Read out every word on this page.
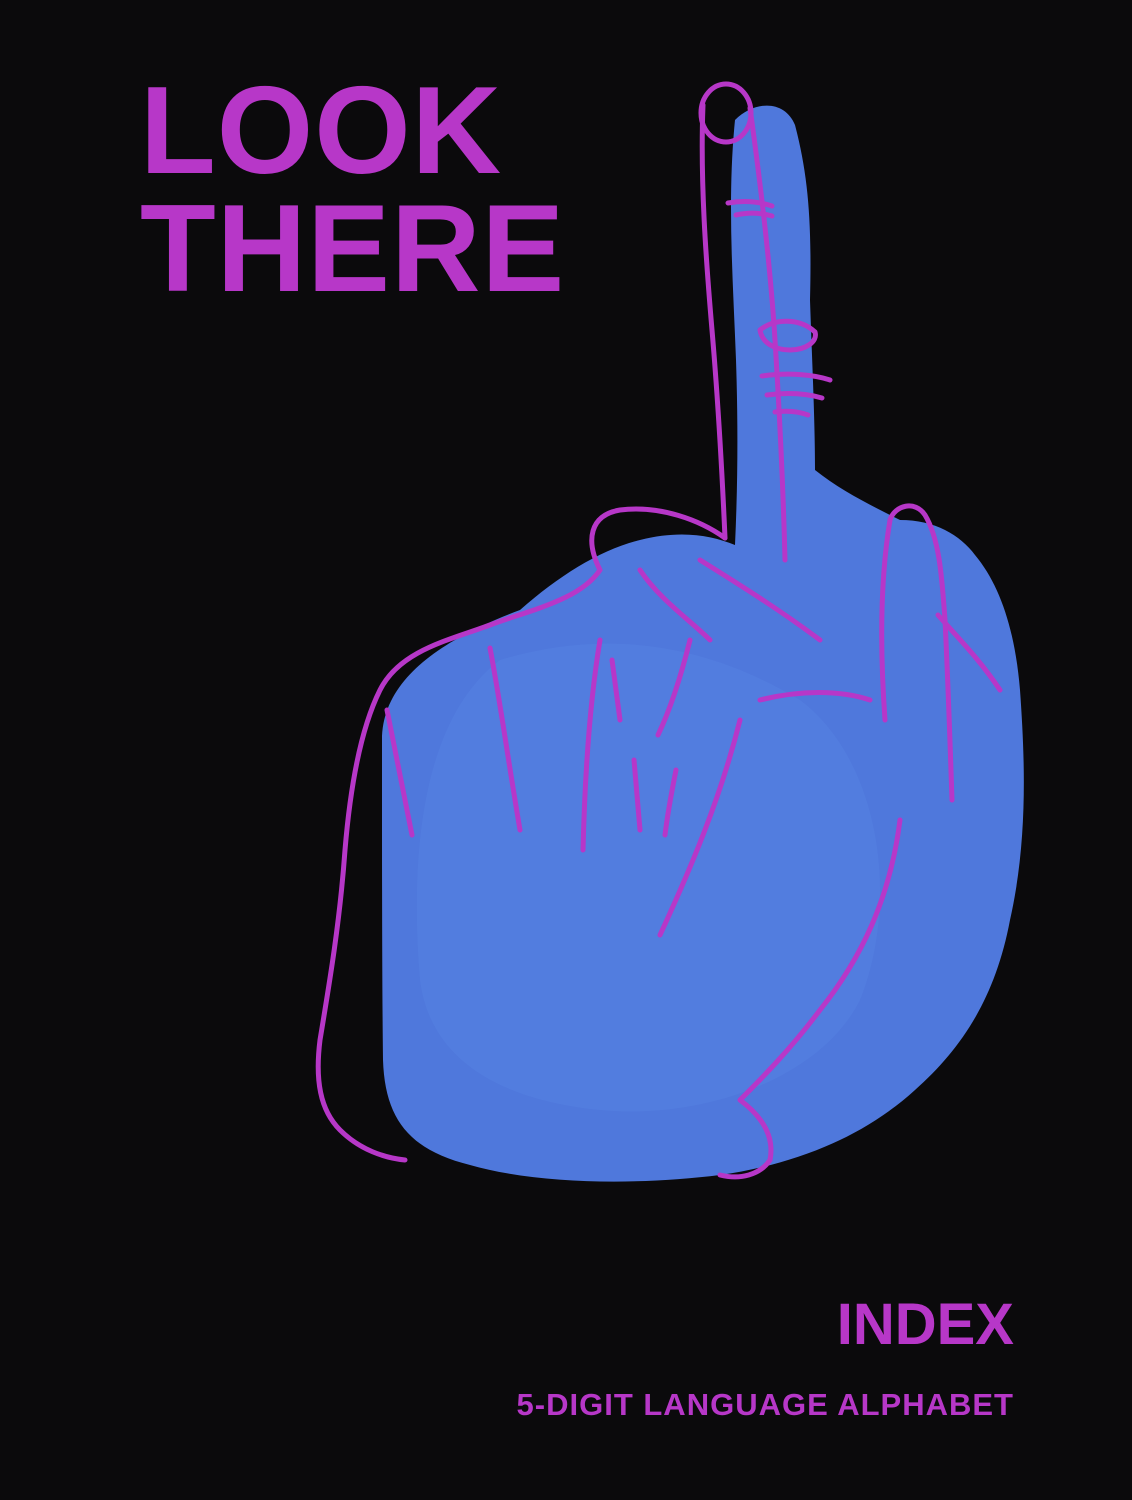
LOOK
THERE
INDEX

5-DIGIT LANGUAGE ALPHABET
